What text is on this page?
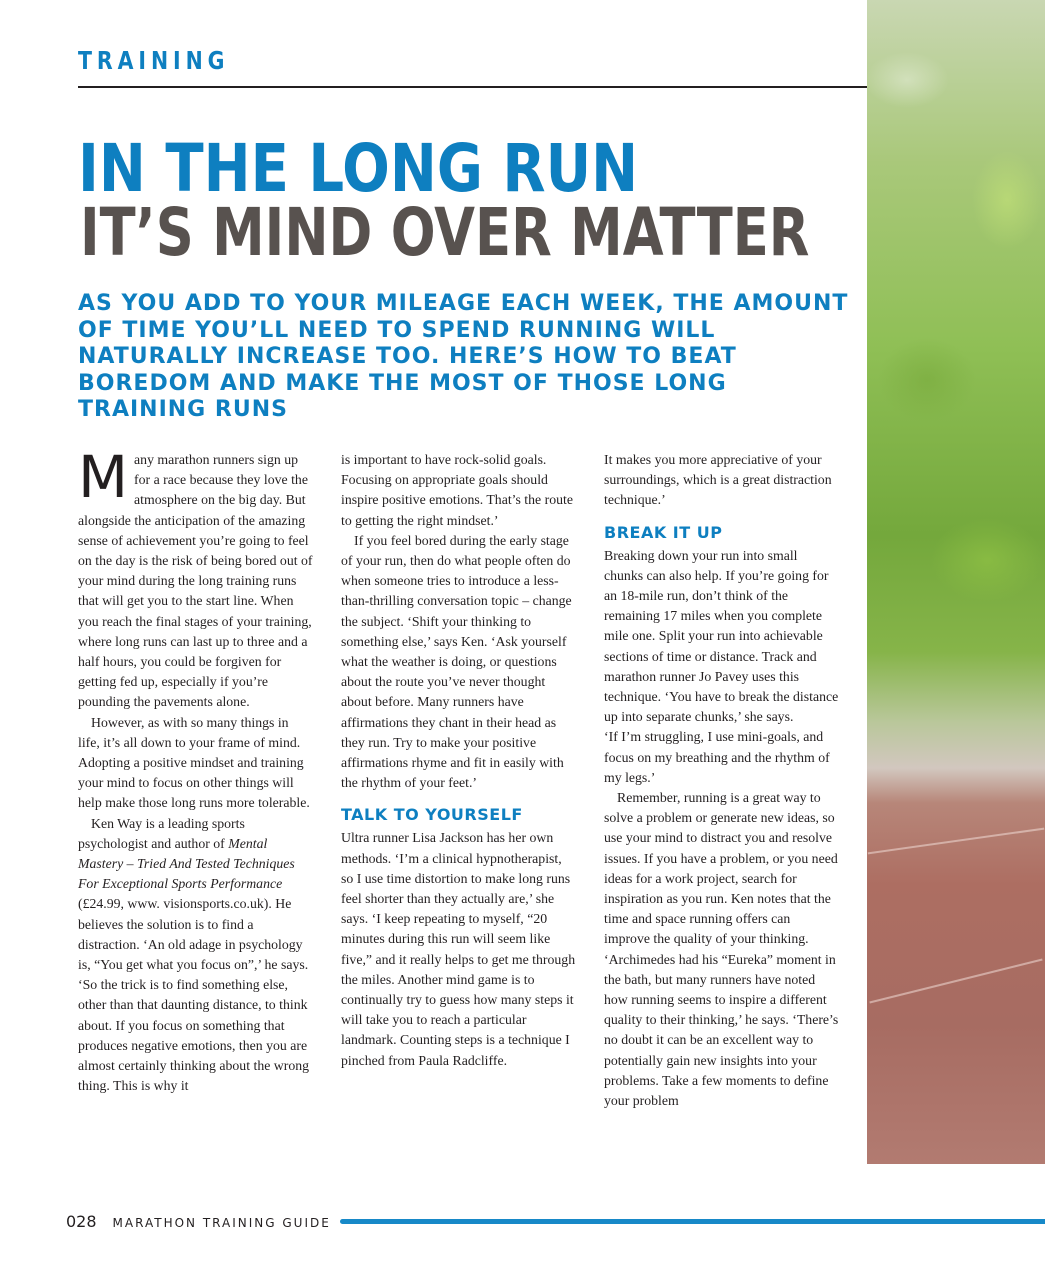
TRAINING
IN THE LONG RUN
IT’S MIND OVER MATTER
AS YOU ADD TO YOUR MILEAGE EACH WEEK, THE AMOUNT OF TIME YOU’LL NEED TO SPEND RUNNING WILL NATURALLY INCREASE TOO. HERE’S HOW TO BEAT BOREDOM AND MAKE THE MOST OF THOSE LONG TRAINING RUNS

Many marathon runners sign up for a race because they love the atmosphere on the big day. But alongside the anticipation of the amazing sense of achievement you’re going to feel on the day is the risk of being bored out of your mind during the long training runs that will get you to the start line. When you reach the final stages of your training, where long runs can last up to three and a half hours, you could be forgiven for getting fed up, especially if you’re pounding the pavements alone.

However, as with so many things in life, it’s all down to your frame of mind. Adopting a positive mindset and training your mind to focus on other things will help make those long runs more tolerable.

Ken Way is a leading sports psychologist and author of Mental Mastery – Tried And Tested Techniques For Exceptional Sports Performance (£24.99, www. visionsports.co.uk). He believes the solution is to find a distraction. ‘An old adage in psychology is, “You get what you focus on”,’ he says. ‘So the trick is to find something else, other than that daunting distance, to think about. If you focus on something that produces negative emotions, then you are almost certainly thinking about the wrong thing. This is why it

is important to have rock-solid goals. Focusing on appropriate goals should inspire positive emotions. That’s the route to getting the right mindset.’

If you feel bored during the early stage of your run, then do what people often do when someone tries to introduce a less-than-thrilling conversation topic – change the subject. ‘Shift your thinking to something else,’ says Ken. ‘Ask yourself what the weather is doing, or questions about the route you’ve never thought about before. Many runners have affirmations they chant in their head as they run. Try to make your positive affirmations rhyme and fit in easily with the rhythm of your feet.’

TALK TO YOURSELF

Ultra runner Lisa Jackson has her own methods. ‘I’m a clinical hypnotherapist, so I use time distortion to make long runs feel shorter than they actually are,’ she says. ‘I keep repeating to myself, “20 minutes during this run will seem like five,” and it really helps to get me through the miles. Another mind game is to continually try to guess how many steps it will take you to reach a particular landmark. Counting steps is a technique I pinched from Paula Radcliffe.

It makes you more appreciative of your surroundings, which is a great distraction technique.’

BREAK IT UP

Breaking down your run into small chunks can also help. If you’re going for an 18-mile run, don’t think of the remaining 17 miles when you complete mile one. Split your run into achievable sections of time or distance. Track and marathon runner Jo Pavey uses this technique. ‘You have to break the distance up into separate chunks,’ she says.

‘If I’m struggling, I use mini-goals, and focus on my breathing and the rhythm of my legs.’

Remember, running is a great way to solve a problem or generate new ideas, so use your mind to distract you and resolve issues. If you have a problem, or you need ideas for a work project, search for inspiration as you run. Ken notes that the time and space running offers can improve the quality of your thinking. ‘Archimedes had his “Eureka” moment in the bath, but many runners have noted how running seems to inspire a different quality to their thinking,’ he says. ‘There’s no doubt it can be an excellent way to potentially gain new insights into your problems. Take a few moments to define your problem

028 MARATHON TRAINING GUIDE
